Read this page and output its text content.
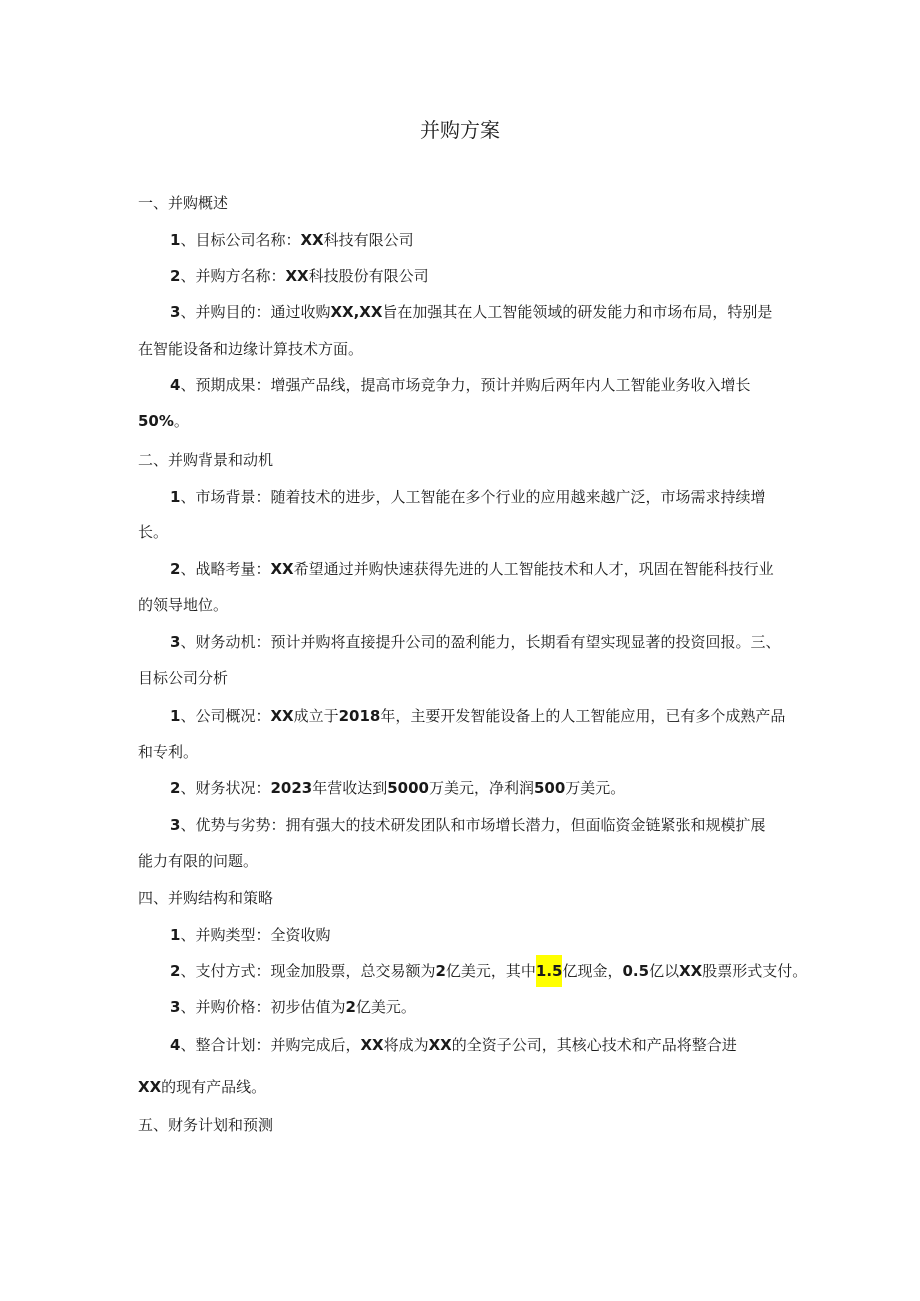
并购方案
一、并购概述
1、目标公司名称：XX科技有限公司
2、并购方名称：XX科技股份有限公司
3、并购目的：通过收购XX,XX旨在加强其在人工智能领域的研发能力和市场布局，特别是
在智能设备和边缘计算技术方面。
4、预期成果：增强产品线，提高市场竞争力，预计并购后两年内人工智能业务收入增长
50%。
二、并购背景和动机
1、市场背景：随着技术的进步，人工智能在多个行业的应用越来越广泛，市场需求持续增
长。
2、战略考量：XX希望通过并购快速获得先进的人工智能技术和人才，巩固在智能科技行业
的领导地位。
3、财务动机：预计并购将直接提升公司的盈利能力，长期看有望实现显著的投资回报。三、
目标公司分析
1、公司概况：XX成立于2018年，主要开发智能设备上的人工智能应用，已有多个成熟产品
和专利。
2、财务状况：2023年营收达到5000万美元，净利润500万美元。
3、优势与劣势：拥有强大的技术研发团队和市场增长潜力，但面临资金链紧张和规模扩展
能力有限的问题。
四、并购结构和策略
1、并购类型：全资收购
2、支付方式：现金加股票，总交易额为2亿美元，其中1.5亿现金，0.5亿以XX股票形式支付。
3、并购价格：初步估值为2亿美元。
4、整合计划：并购完成后，XX将成为XX的全资子公司，其核心技术和产品将整合进
XX的现有产品线。
五、财务计划和预测
